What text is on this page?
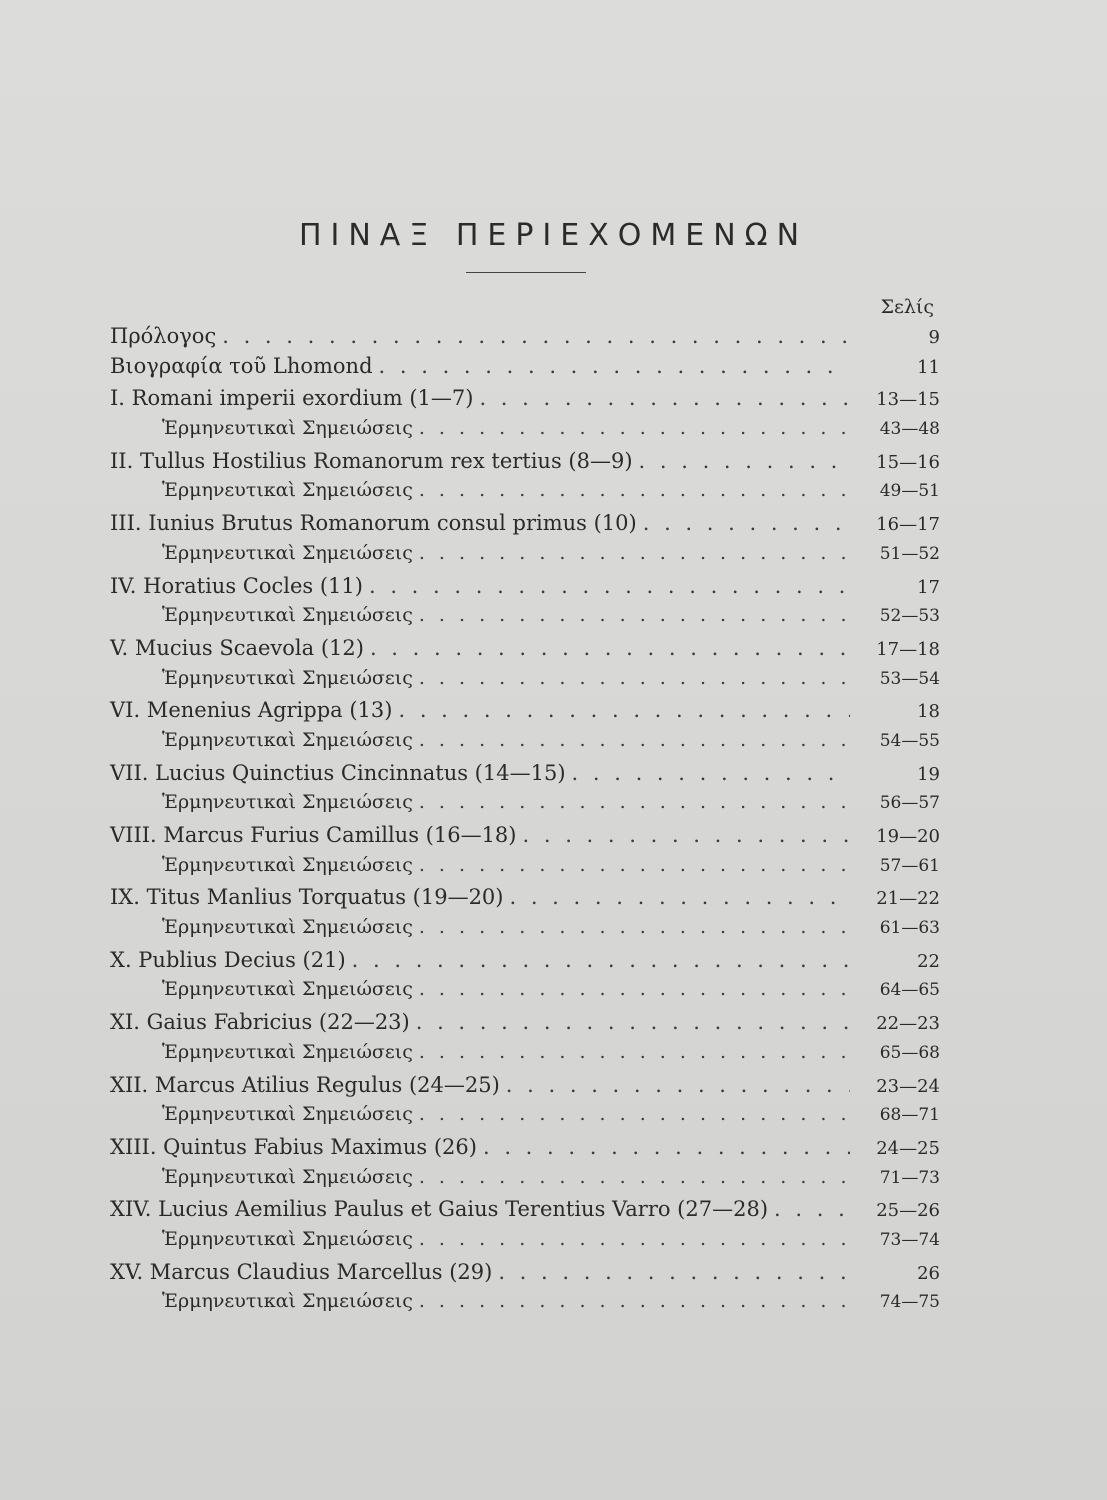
ΠΙΝΑΞ ΠΕΡΙΕΧΟΜΕΝΩΝ
Σελίς
Πρόλογος . . .	9
Βιογραφία τοῦ Lhomond . . .	11
I. Romani imperii exordium (1—7) . . .	13—15
Ἑρμηνευτικαὶ Σημειώσεις . . .	43—48
II. Tullus Hostilius Romanorum rex tertius (8—9) . . .	15—16
Ἑρμηνευτικαὶ Σημειώσεις . . .	49—51
III. Iunius Brutus Romanorum consul primus (10) . . .	16—17
Ἑρμηνευτικαὶ Σημειώσεις . . .	51—52
IV. Horatius Cocles (11) . . .	17
Ἑρμηνευτικαὶ Σημειώσεις . . .	52—53
V. Mucius Scaevola (12) . . .	17—18
Ἑρμηνευτικαὶ Σημειώσεις . . .	53—54
VI. Menenius Agrippa (13) . . .	18
Ἑρμηνευτικαὶ Σημειώσεις . . .	54—55
VII. Lucius Quinctius Cincinnatus (14—15) . . .	19
Ἑρμηνευτικαὶ Σημειώσεις . . .	56—57
VIII. Marcus Furius Camillus (16—18) . . .	19—20
Ἑρμηνευτικαὶ Σημειώσεις . . .	57—61
IX. Titus Manlius Torquatus (19—20) . . .	21—22
Ἑρμηνευτικαὶ Σημειώσεις . . .	61—63
X. Publius Decius (21) . . .	22
Ἑρμηνευτικαὶ Σημειώσεις . . .	64—65
XI. Gaius Fabricius (22—23) . . .	22—23
Ἑρμηνευτικαὶ Σημειώσεις . . .	65—68
XII. Marcus Atilius Regulus (24—25) . . .	23—24
Ἑρμηνευτικαὶ Σημειώσεις . . .	68—71
XIII. Quintus Fabius Maximus (26) . . .	24—25
Ἑρμηνευτικαὶ Σημειώσεις . . .	71—73
XIV. Lucius Aemilius Paulus et Gaius Terentius Varro (27—28) . . .	25—26
Ἑρμηνευτικαὶ Σημειώσεις . . .	73—74
XV. Marcus Claudius Marcellus (29) . . .	26
Ἑρμηνευτικαὶ Σημειώσεις . . .	74—75
